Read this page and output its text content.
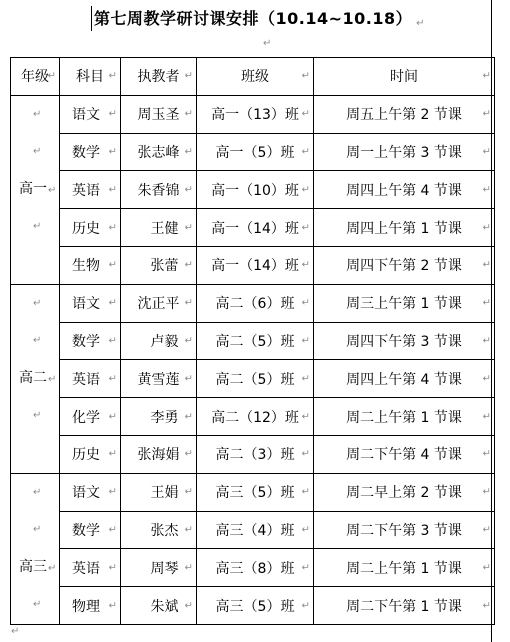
第七周教学研讨课安排（10.14~10.18） ↵
↵
年级
↵	科目 ↵	执教者 ↵	班级 ↵	时间 ↵

↵
↵
高一↵
↵	语文 ↵	周玉圣 ↵	高一（13）班 ↵	周五上午第 2 节课 ↵

	数学 ↵	张志峰 ↵	高一（5）班 ↵	周一上午第 3 节课 ↵

	英语 ↵	朱香锦 ↵	高一（10）班 ↵	周四上午第 4 节课 ↵

	历史 ↵	王健 ↵	高一（14）班 ↵	周四上午第 1 节课 ↵

	生物 ↵	张蕾 ↵	高一（14）班 ↵	周四下午第 2 节课 ↵

↵
↵
高二↵
↵	语文 ↵	沈正平 ↵	高二（6）班 ↵	周三上午第 1 节课 ↵

	数学 ↵	卢毅 ↵	高二（5）班 ↵	周四下午第 3 节课 ↵

	英语 ↵	黄雪莲 ↵	高二（5）班 ↵	周四上午第 4 节课 ↵

	化学 ↵	李勇 ↵	高二（12）班 ↵	周二上午第 1 节课 ↵

	历史 ↵	张海娟 ↵	高二（3）班 ↵	周二下午第 4 节课 ↵

↵
↵
高三↵
↵	语文 ↵	王娟 ↵	高三（5）班 ↵	周二早上第 2 节课 ↵

	数学 ↵	张杰 ↵	高三（4）班 ↵	周二下午第 3 节课 ↵

	英语 ↵	周琴 ↵	高三（8）班 ↵	周二上午第 1 节课 ↵

	物理 ↵	朱斌 ↵	高三（5）班 ↵	周二下午第 1 节课 ↵
↵
